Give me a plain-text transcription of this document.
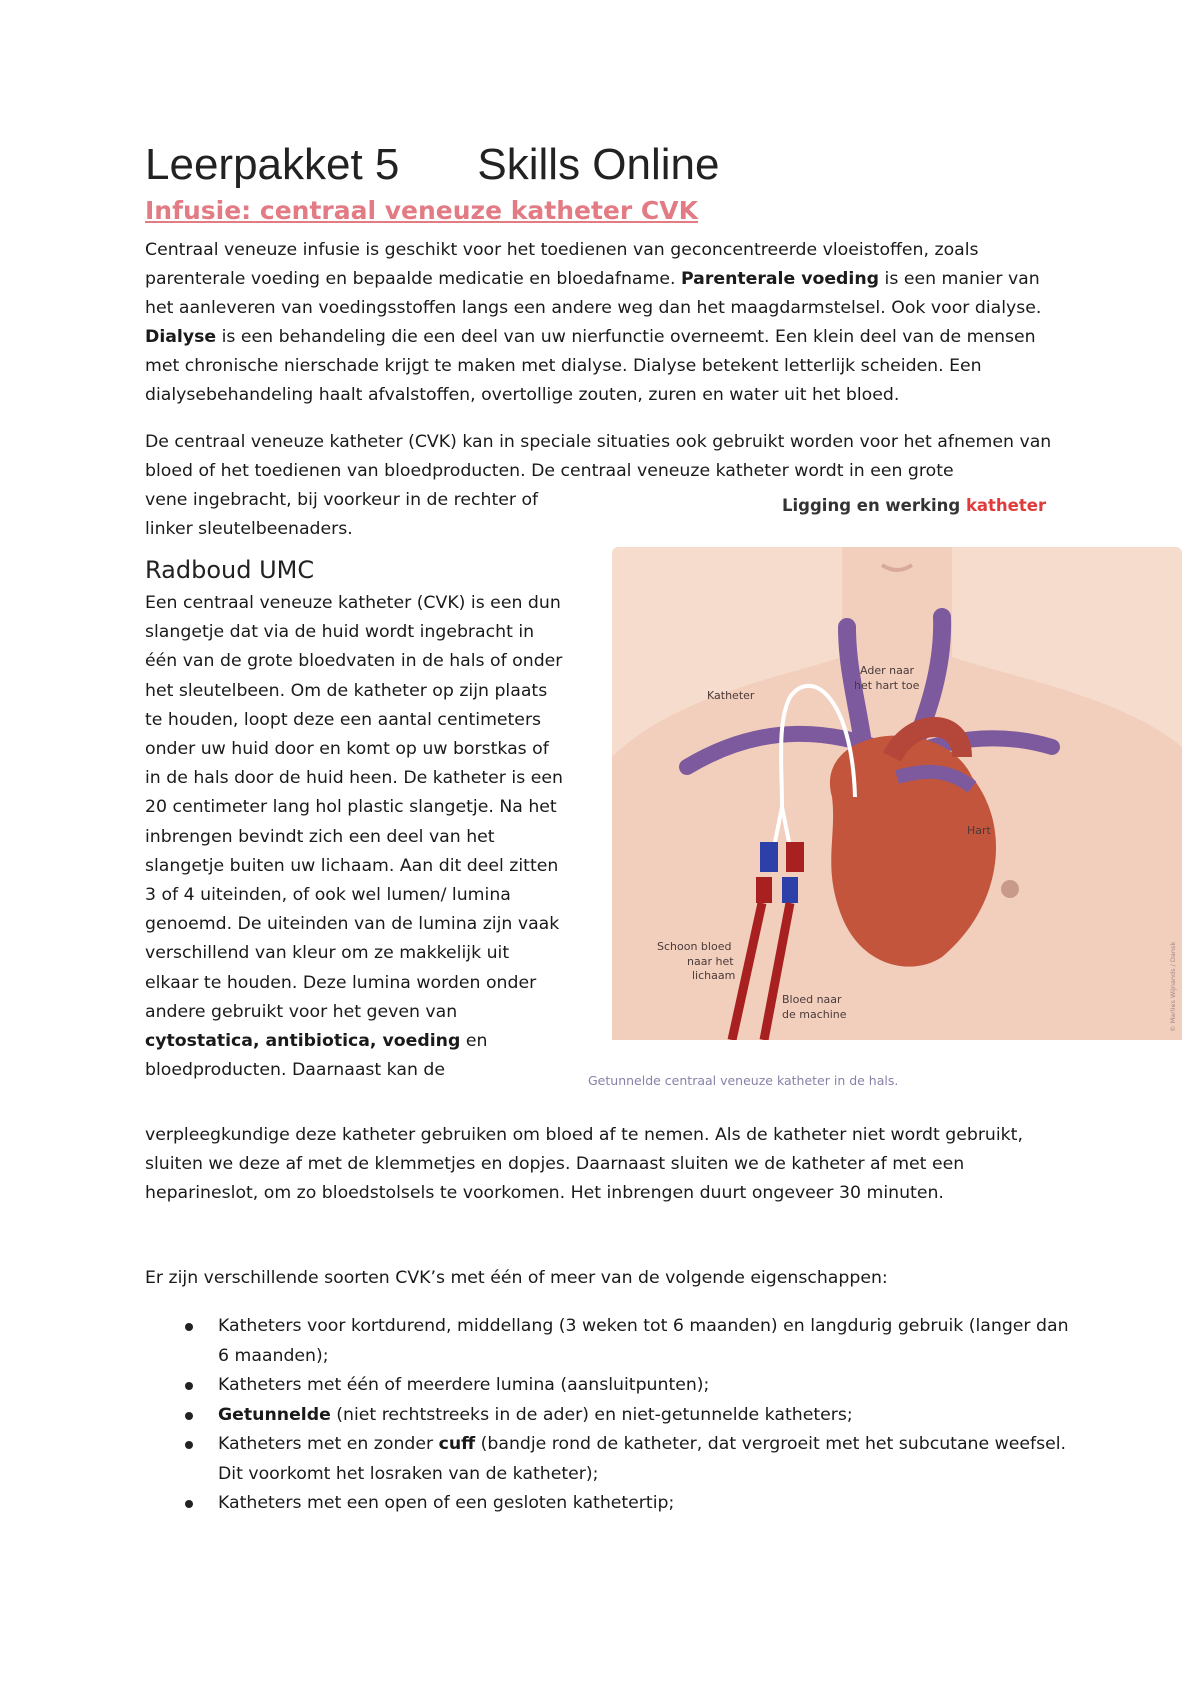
Leerpakket 5 Skills Online
Infusie: centraal veneuze katheter CVK

Centraal veneuze infusie is geschikt voor het toedienen van geconcentreerde vloeistoffen, zoals parenterale voeding en bepaalde medicatie en bloedafname. Parenterale voeding is een manier van het aanleveren van voedingsstoffen langs een andere weg dan het maagdarmstelsel. Ook voor dialyse. Dialyse is een behandeling die een deel van uw nierfunctie overneemt. Een klein deel van de mensen met chronische nierschade krijgt te maken met dialyse. Dialyse betekent letterlijk scheiden. Een dialysebehandeling haalt afvalstoffen, overtollige zouten, zuren en water uit het bloed.

De centraal veneuze katheter (CVK) kan in speciale situaties ook gebruikt worden voor het afnemen van bloed of het toedienen van bloedproducten. De centraal veneuze katheter wordt in een grote

vene ingebracht, bij voorkeur in de rechter of linker sleutelbeenaders.

Radboud UMC

Een centraal veneuze katheter (CVK) is een dun slangetje dat via de huid wordt ingebracht in één van de grote bloedvaten in de hals of onder het sleutelbeen. Om de katheter op zijn plaats te houden, loopt deze een aantal centimeters onder uw huid door en komt op uw borstkas of in de hals door de huid heen. De katheter is een 20 centimeter lang hol plastic slangetje. Na het inbrengen bevindt zich een deel van het slangetje buiten uw lichaam. Aan dit deel zitten 3 of 4 uiteinden, of ook wel lumen/ lumina genoemd. De uiteinden van de lumina zijn vaak verschillend van kleur om ze makkelijk uit elkaar te houden. Deze lumina worden onder andere gebruikt voor het geven van cytostatica, antibiotica, voeding en bloedproducten. Daarnaast kan de

verpleegkundige deze katheter gebruiken om bloed af te nemen. Als de katheter niet wordt gebruikt, sluiten we deze af met de klemmetjes en dopjes. Daarnaast sluiten we de katheter af met een heparineslot, om zo bloedstolsels te voorkomen. Het inbrengen duurt ongeveer 30 minuten.

Er zijn verschillende soorten CVK’s met één of meer van de volgende eigenschappen:

Katheters voor kortdurend, middellang (3 weken tot 6 maanden) en langdurig gebruik (langer dan 6 maanden);
Katheters met één of meerdere lumina (aansluitpunten);
Getunnelde (niet rechtstreeks in de ader) en niet-getunnelde katheters;
Katheters met en zonder cuff (bandje rond de katheter, dat vergroeit met het subcutane weefsel. Dit voorkomt het losraken van de katheter);
Katheters met een open of een gesloten kathetertip;

Ligging en werking katheter

Katheter
Ader naar
het hart toe
Hart
Schoon bloed
naar het
lichaam
Bloed naar
de machine	© Marlies Wijnands / Dansk

Getunnelde centraal veneuze katheter in de hals.
